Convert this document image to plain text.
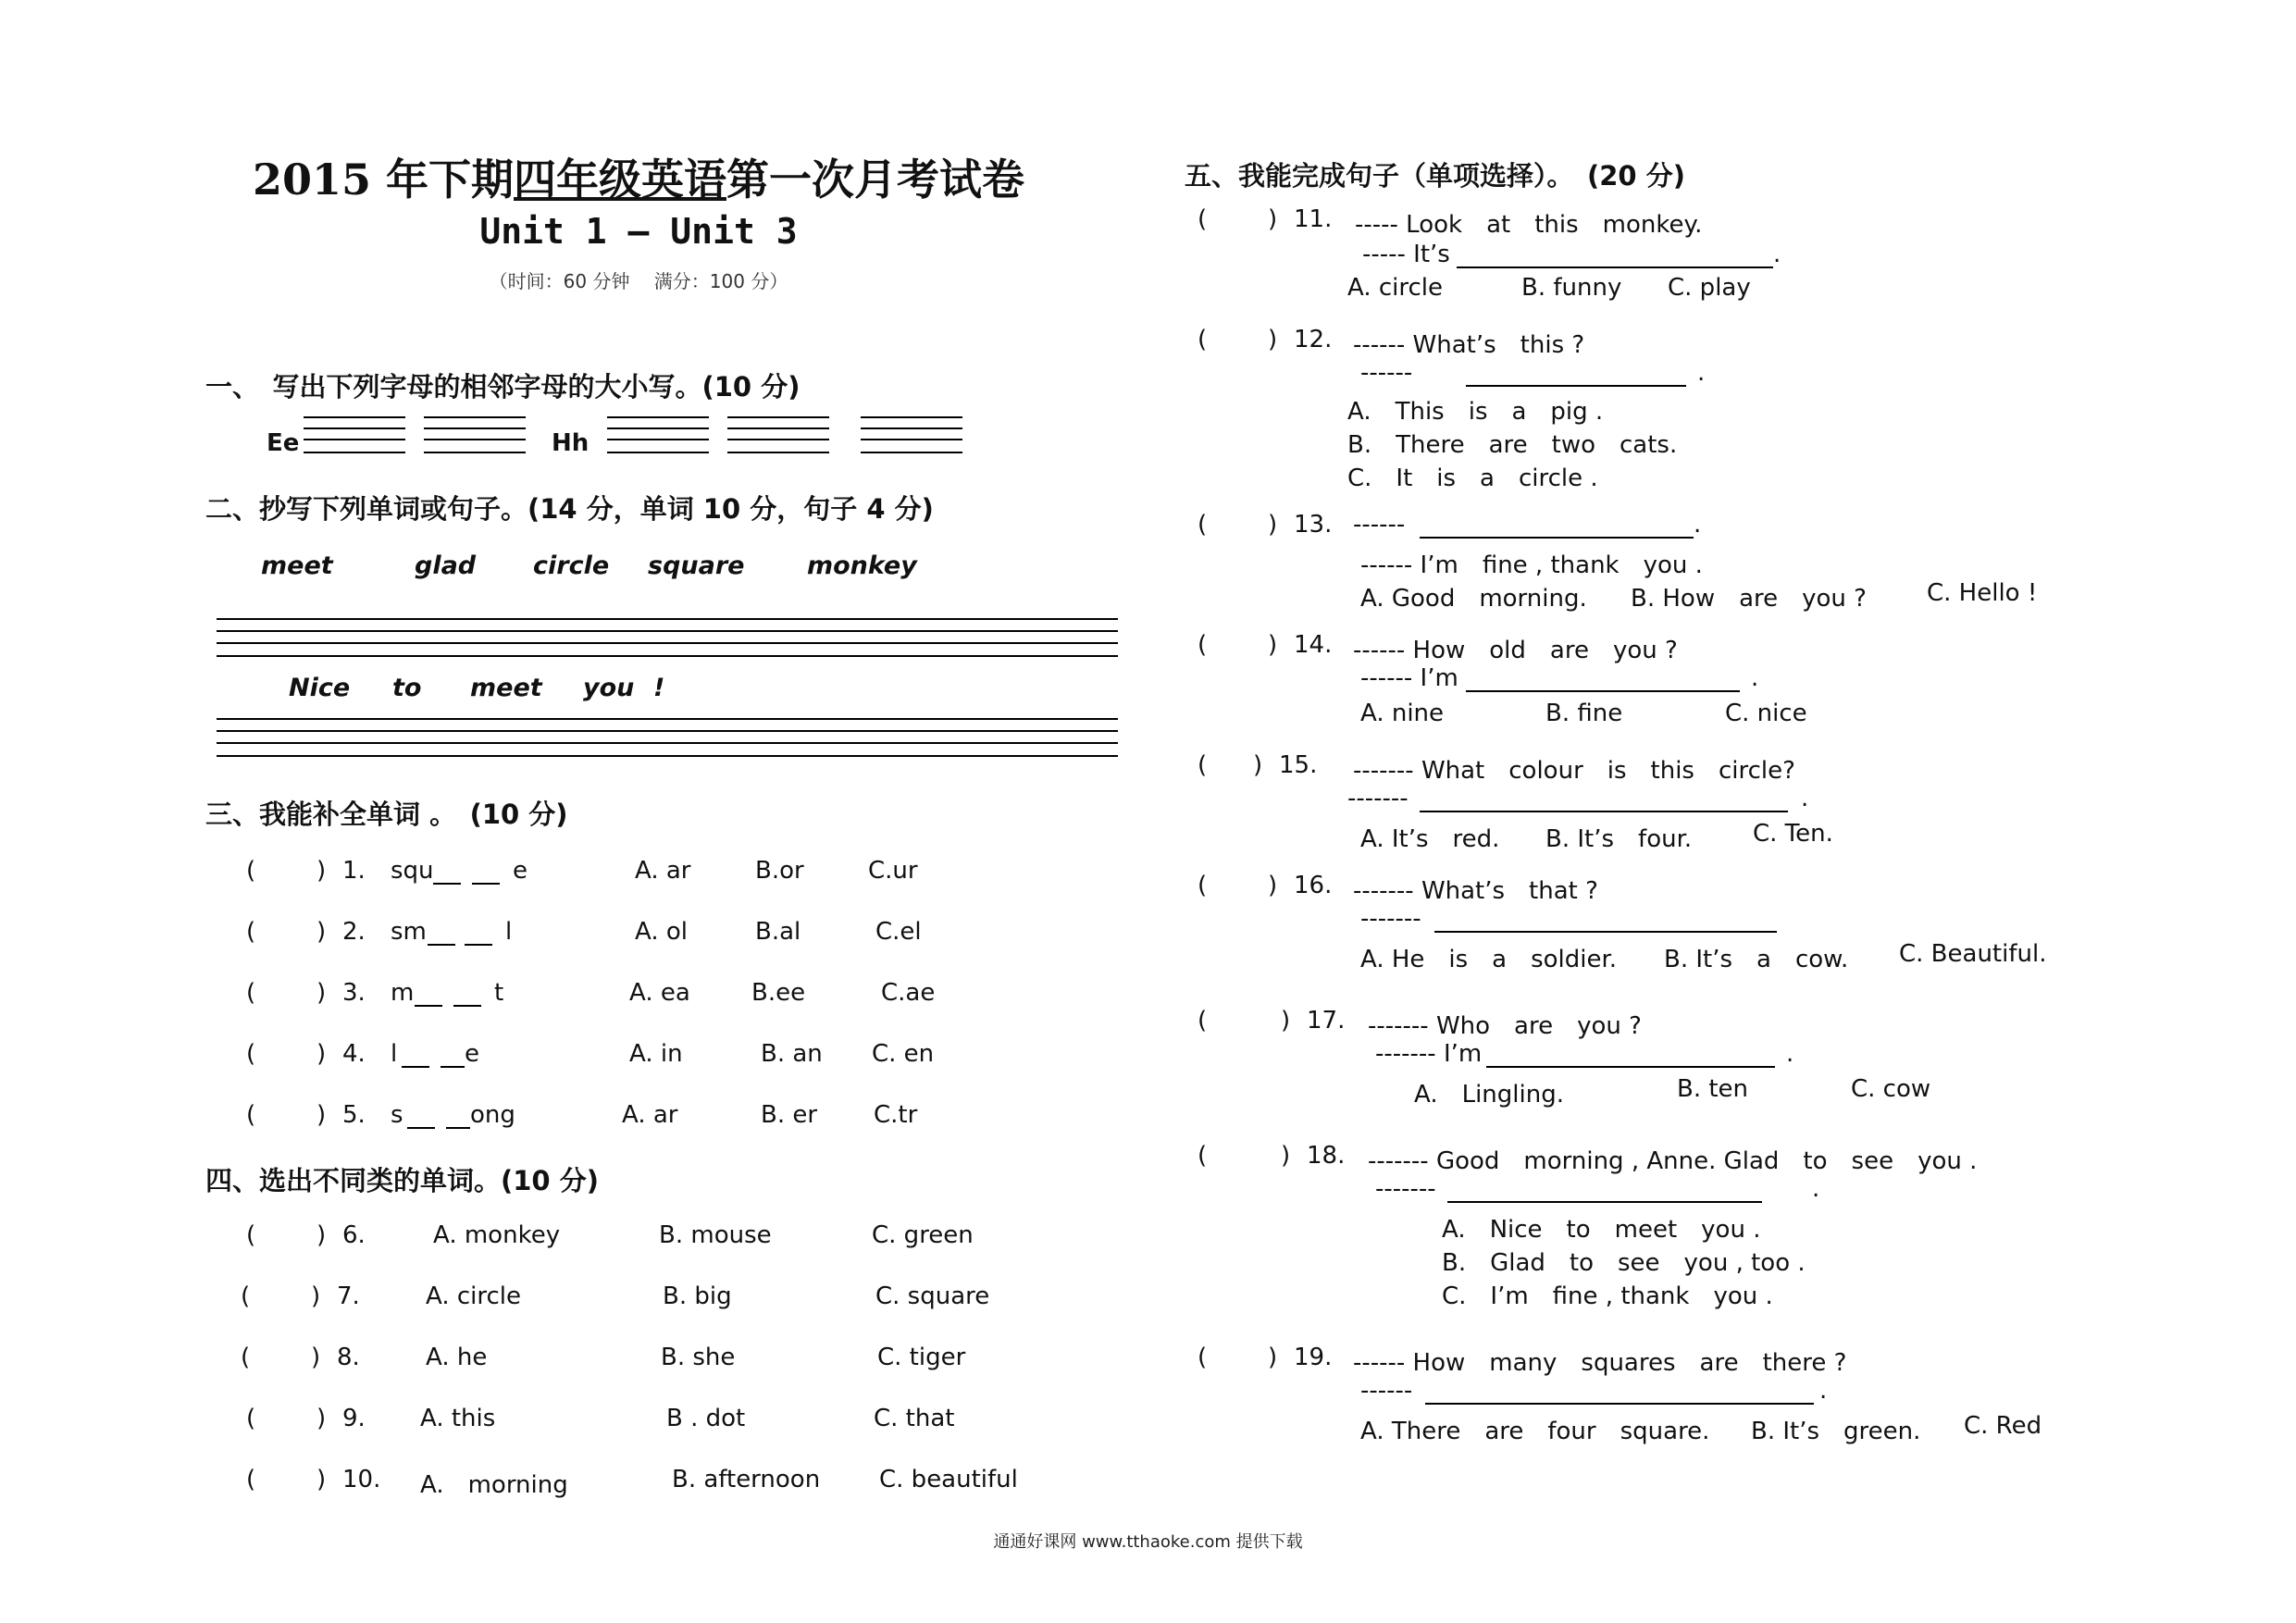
2015 年下期四年级英语第一次月考试卷
Unit 1 – Unit 3
（时间：60 分钟　 满分：100 分）
一、　写出下列字母的相邻字母的大小写。(10 分)
Ee	Hh
二、抄写下列单词或句子。(14 分，单词 10 分，句子 4 分)
meet	glad circle square	monkey
Nice to meet you !
三、我能补全单词 。　(10 分)
(	) 1. squ	e	A. ar	B.or	C.ur
(	) 2. sm	l	A. ol	B.al	C.el
(	) 3. m	t	A. ea	B.ee	C.ae
(	) 4. l	e	A. in	B. an C. en
(	) 5. s	ong	A. ar	B. er C.tr
四、选出不同类的单词。(10 分)
(	) 6.	A. monkey	B. mouse	C. green
(	) 7.	A. circle	B. big	C. square
(	) 8.	A. he	B. she	C. tiger
(	) 9. A. this	B . dot	C. that
(	) 10. A.　morning	B. afternoon C. beautiful
五、我能完成句子（单项选择）。　(20 分)
(	) 11. ----- Look　at　this　monkey.
----- It’s	.
A. circle	B. funny C. play
(	) 12. ------ What’s　this ?
------	.
A.　This　is　a　pig .
B.　There　are　two　cats.
C.　It　is　a　circle .
(	) 13. ------	.
------ I’m　fine , thank　you .
A. Good　morning. B. How　are　you ?	C. Hello !
(	) 14. ------ How　old　are　you ?
------ I’m	.
A. nine	B. fine	C. nice
( ) 15. ------- What　colour　is　this　circle?
-------	.
A. It’s　red. B. It’s　four.	C. Ten.
(	) 16. ------- What’s　that ?
-------
A. He　is　a　soldier. B. It’s　a　cow. C. Beautiful.
(	) 17. ------- Who　are　you ?
------- I’m	.
A.　Lingling.	B. ten	C. cow
(	) 18. ------- Good　morning , Anne. Glad　to　see　you .
-------	.
A.　Nice　to　meet　you .
B.　Glad　to　see　you , too .
C.　I’m　fine , thank　you .
(	) 19. ------ How　many　squares　are　there ?
------	.
A. There　are　four　square. B. It’s　green. C. Red
通通好课网 www.tthaoke.com 提供下载
